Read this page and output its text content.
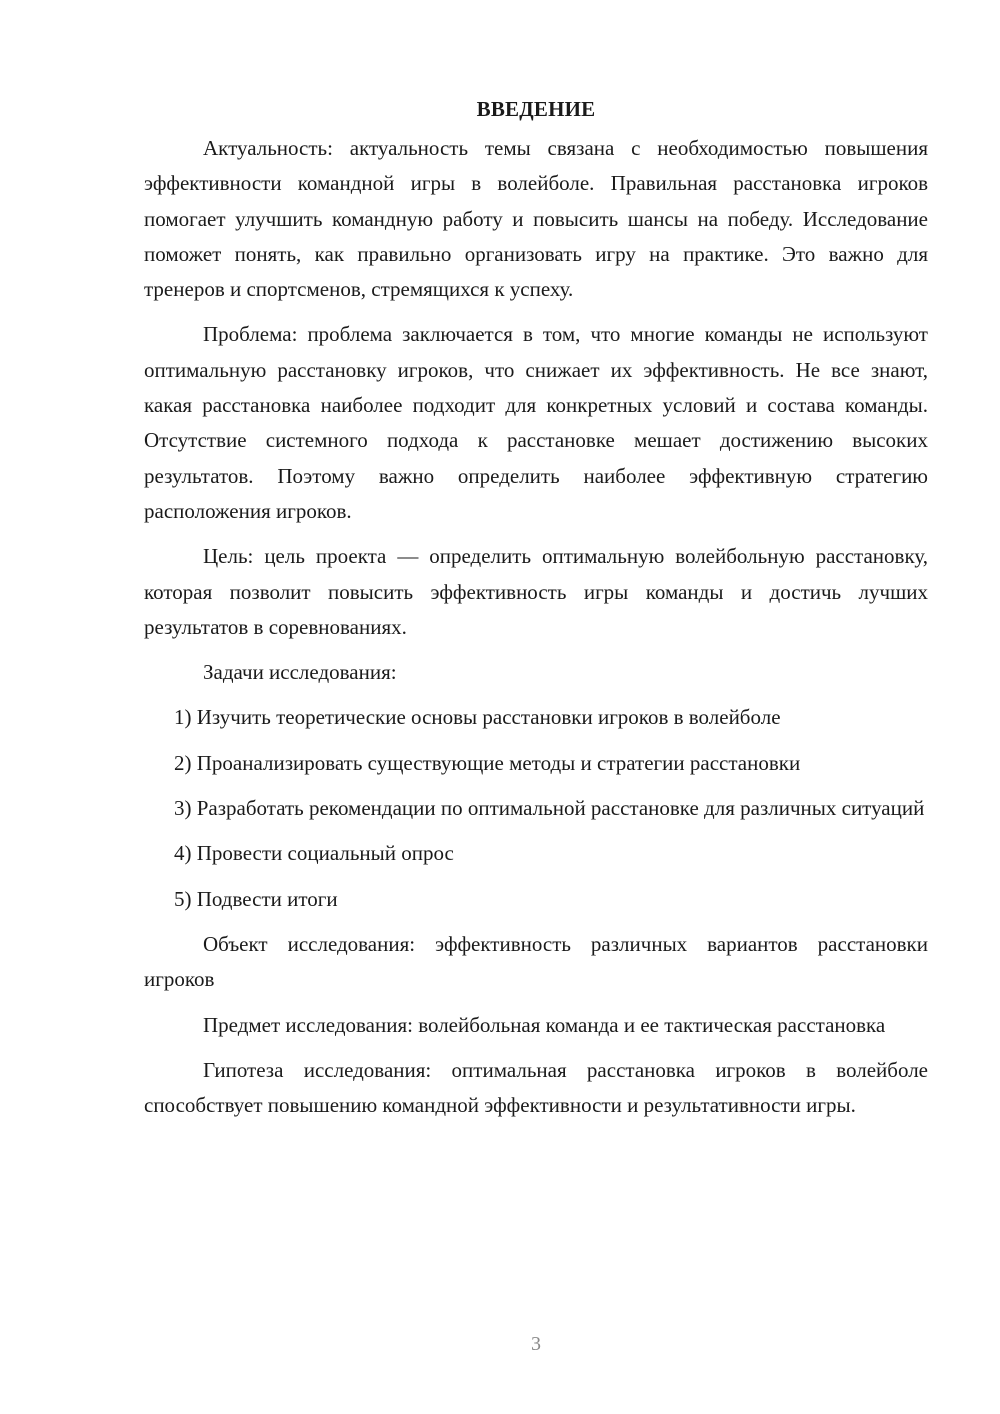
ВВЕДЕНИЕ

Актуальность: актуальность темы связана с необходимостью повышения эффективности командной игры в волейболе. Правильная расстановка игроков помогает улучшить командную работу и повысить шансы на победу. Исследование поможет понять, как правильно организовать игру на практике. Это важно для тренеров и спортсменов, стремящихся к успеху.

Проблема: проблема заключается в том, что многие команды не используют оптимальную расстановку игроков, что снижает их эффективность. Не все знают, какая расстановка наиболее подходит для конкретных условий и состава команды. Отсутствие системного подхода к расстановке мешает достижению высоких результатов. Поэтому важно определить наиболее эффективную стратегию расположения игроков.

Цель: цель проекта — определить оптимальную волейбольную расстановку, которая позволит повысить эффективность игры команды и достичь лучших результатов в соревнованиях.

Задачи исследования:

1) Изучить теоретические основы расстановки игроков в волейболе

2) Проанализировать существующие методы и стратегии расстановки

3) Разработать рекомендации по оптимальной расстановке для различных ситуаций

4) Провести социальный опрос

5) Подвести итоги

Объект исследования: эффективность различных вариантов расстановки игроков

Предмет исследования: волейбольная команда и ее тактическая расстановка

Гипотеза исследования: оптимальная расстановка игроков в волейболе способствует повышению командной эффективности и результативности игры.

3
